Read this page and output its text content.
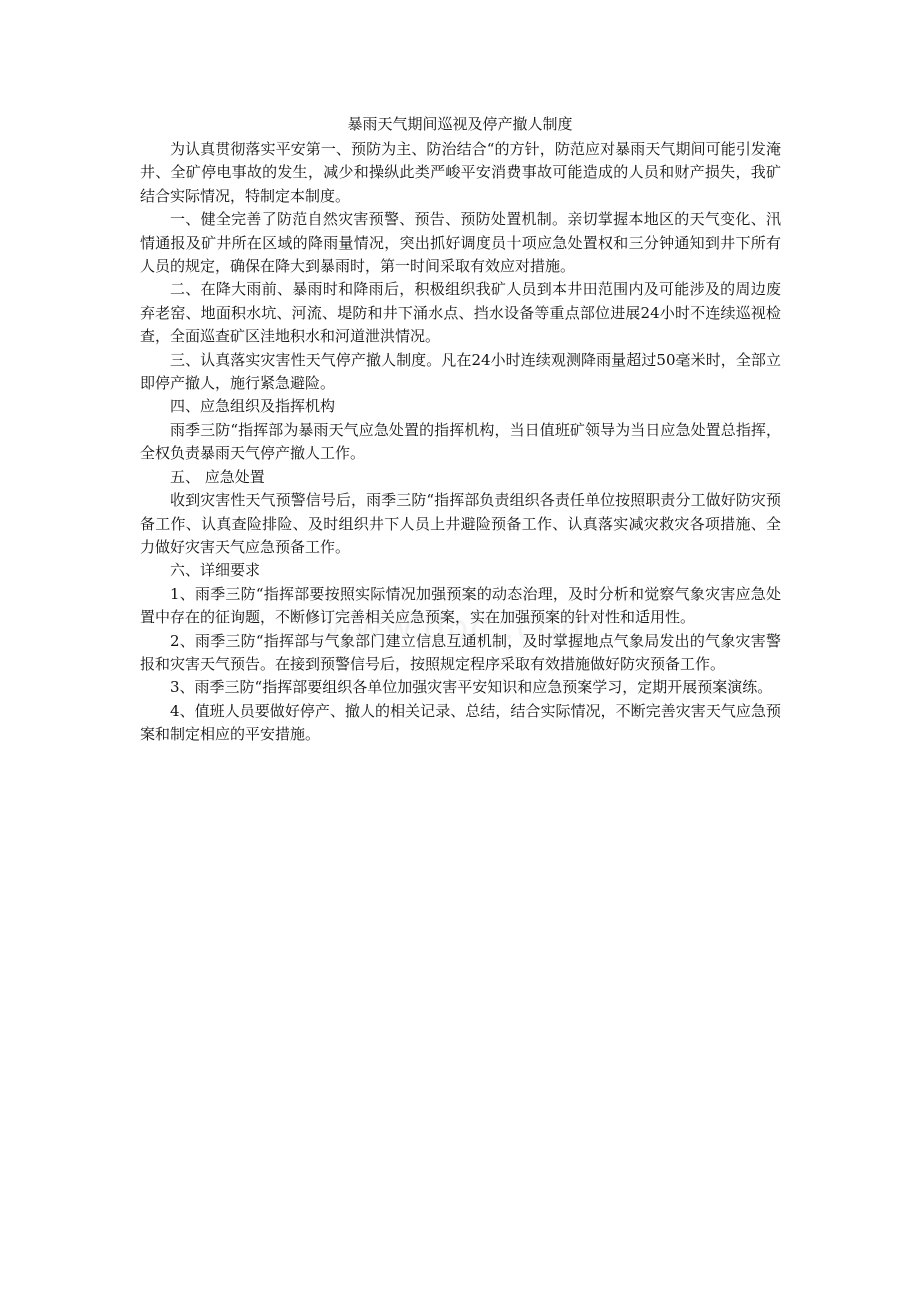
暴雨天气期间巡视及停产撤人制度

为认真贯彻落实平安第一、预防为主、防治结合“的方针，防范应对暴雨天气期间可能引发淹井、全矿停电事故的发生，减少和操纵此类严峻平安消费事故可能造成的人员和财产损失，我矿结合实际情况，特制定本制度。

一、健全完善了防范自然灾害预警、预告、预防处置机制。亲切掌握本地区的天气变化、汛情通报及矿井所在区域的降雨量情况，突出抓好调度员十项应急处置权和三分钟通知到井下所有人员的规定，确保在降大到暴雨时，第一时间采取有效应对措施。

二、在降大雨前、暴雨时和降雨后，积极组织我矿人员到本井田范围内及可能涉及的周边废弃老窑、地面积水坑、河流、堤防和井下涌水点、挡水设备等重点部位进展24小时不连续巡视检查，全面巡查矿区洼地积水和河道泄洪情况。

三、认真落实灾害性天气停产撤人制度。凡在24小时连续观测降雨量超过50毫米时，全部立即停产撤人，施行紧急避险。

四、应急组织及指挥机构

雨季三防“指挥部为暴雨天气应急处置的指挥机构，当日值班矿领导为当日应急处置总指挥，全权负责暴雨天气停产撤人工作。

五、 应急处置

收到灾害性天气预警信号后，雨季三防“指挥部负责组织各责任单位按照职责分工做好防灾预备工作、认真查险排险、及时组织井下人员上井避险预备工作、认真落实减灾救灾各项措施、全力做好灾害天气应急预备工作。

六、详细要求

1、雨季三防“指挥部要按照实际情况加强预案的动态治理，及时分析和觉察气象灾害应急处置中存在的征询题，不断修订完善相关应急预案，实在加强预案的针对性和适用性。

2、雨季三防“指挥部与气象部门建立信息互通机制，及时掌握地点气象局发出的气象灾害警报和灾害天气预告。在接到预警信号后，按照规定程序采取有效措施做好防灾预备工作。

3、雨季三防“指挥部要组织各单位加强灾害平安知识和应急预案学习，定期开展预案演练。

4、值班人员要做好停产、撤人的相关记录、总结，结合实际情况，不断完善灾害天气应急预案和制定相应的平安措施。
